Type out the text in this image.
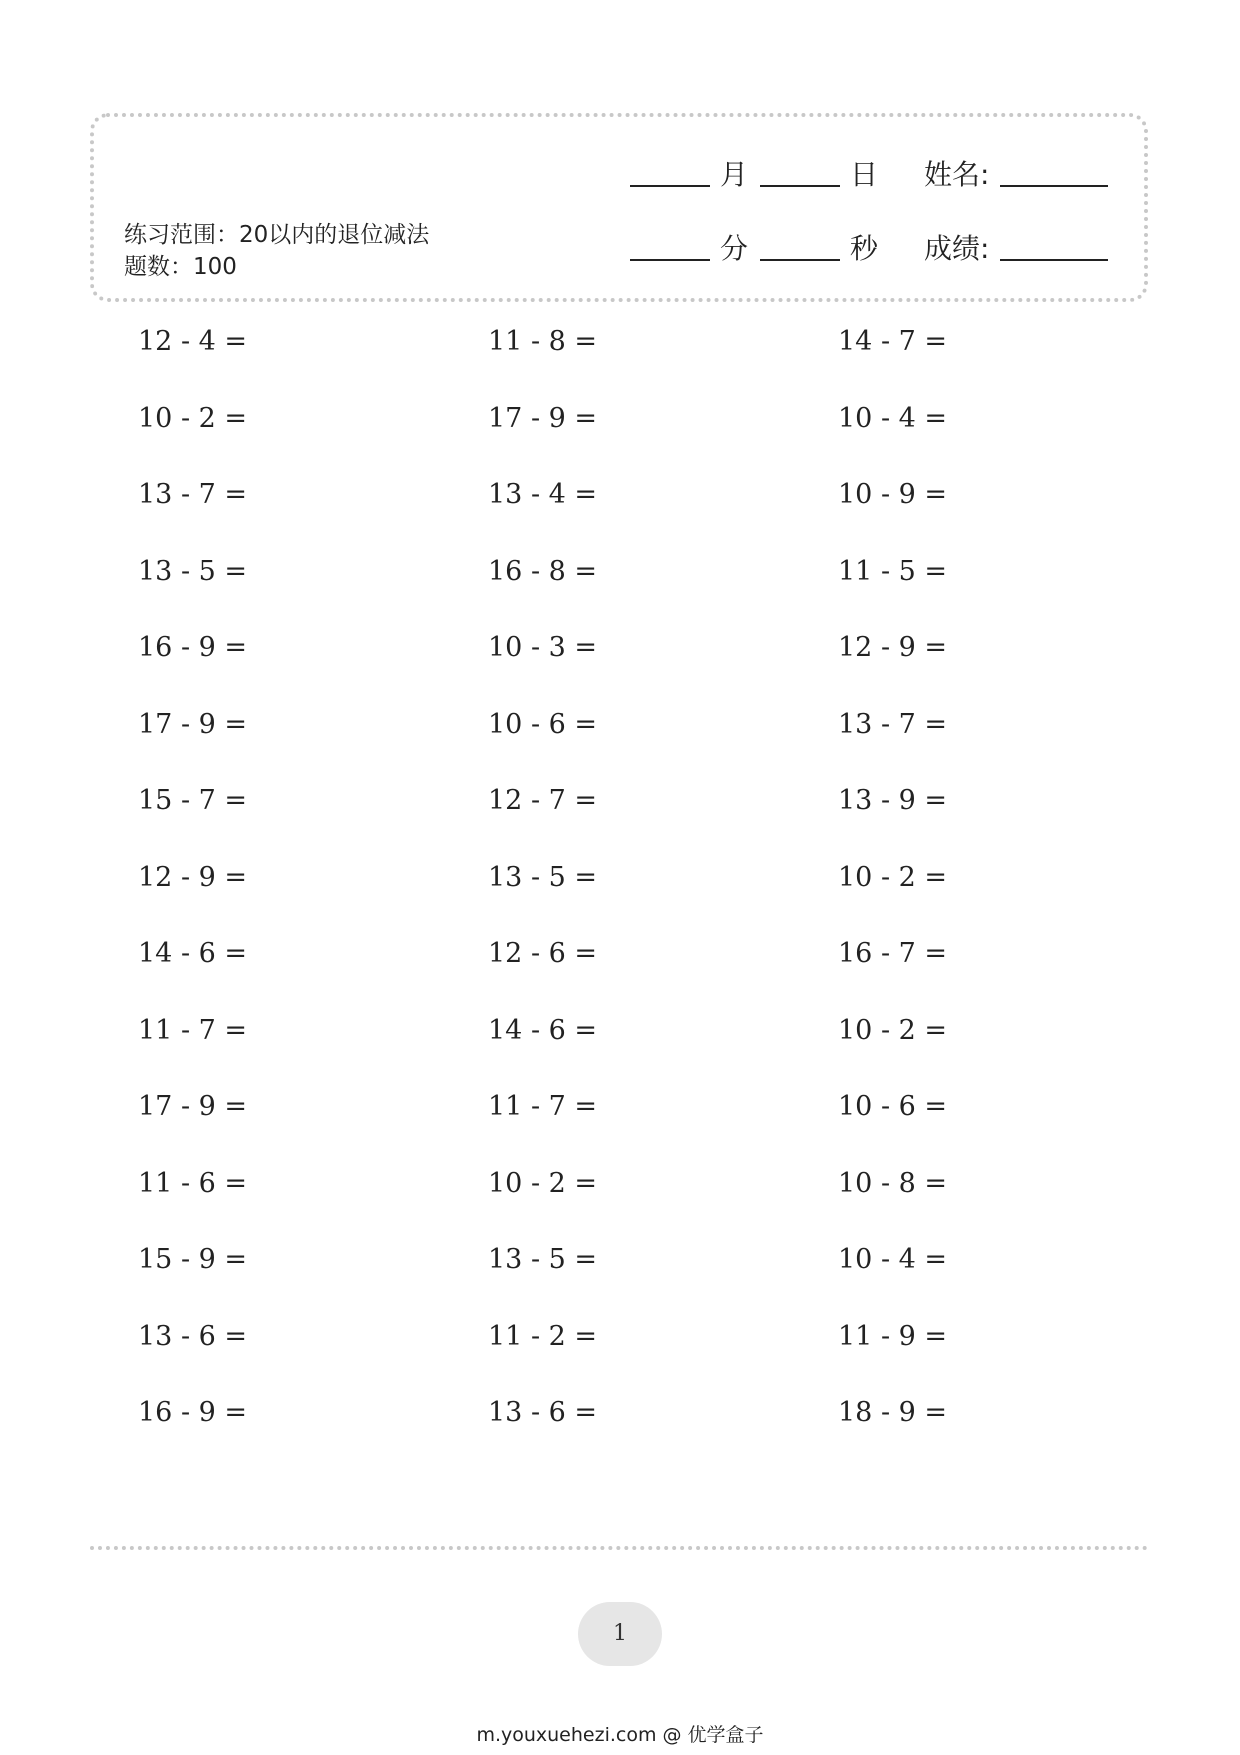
练习范围：20以内的退位减法 题数：100
月	日 姓名:
分	秒 成绩:
12 - 4 =	11 - 8 =	14 - 7 =
10 - 2 =	17 - 9 =	10 - 4 =
13 - 7 =	13 - 4 =	10 - 9 =
13 - 5 =	16 - 8 =	11 - 5 =
16 - 9 =	10 - 3 =	12 - 9 =
17 - 9 =	10 - 6 =	13 - 7 =
15 - 7 =	12 - 7 =	13 - 9 =
12 - 9 =	13 - 5 =	10 - 2 =
14 - 6 =	12 - 6 =	16 - 7 =
11 - 7 =	14 - 6 =	10 - 2 =
17 - 9 =	11 - 7 =	10 - 6 =
11 - 6 =	10 - 2 =	10 - 8 =
15 - 9 =	13 - 5 =	10 - 4 =
13 - 6 =	11 - 2 =	11 - 9 =
16 - 9 =	13 - 6 =	18 - 9 =
1
m.youxuehezi.com @ 优学盒子
